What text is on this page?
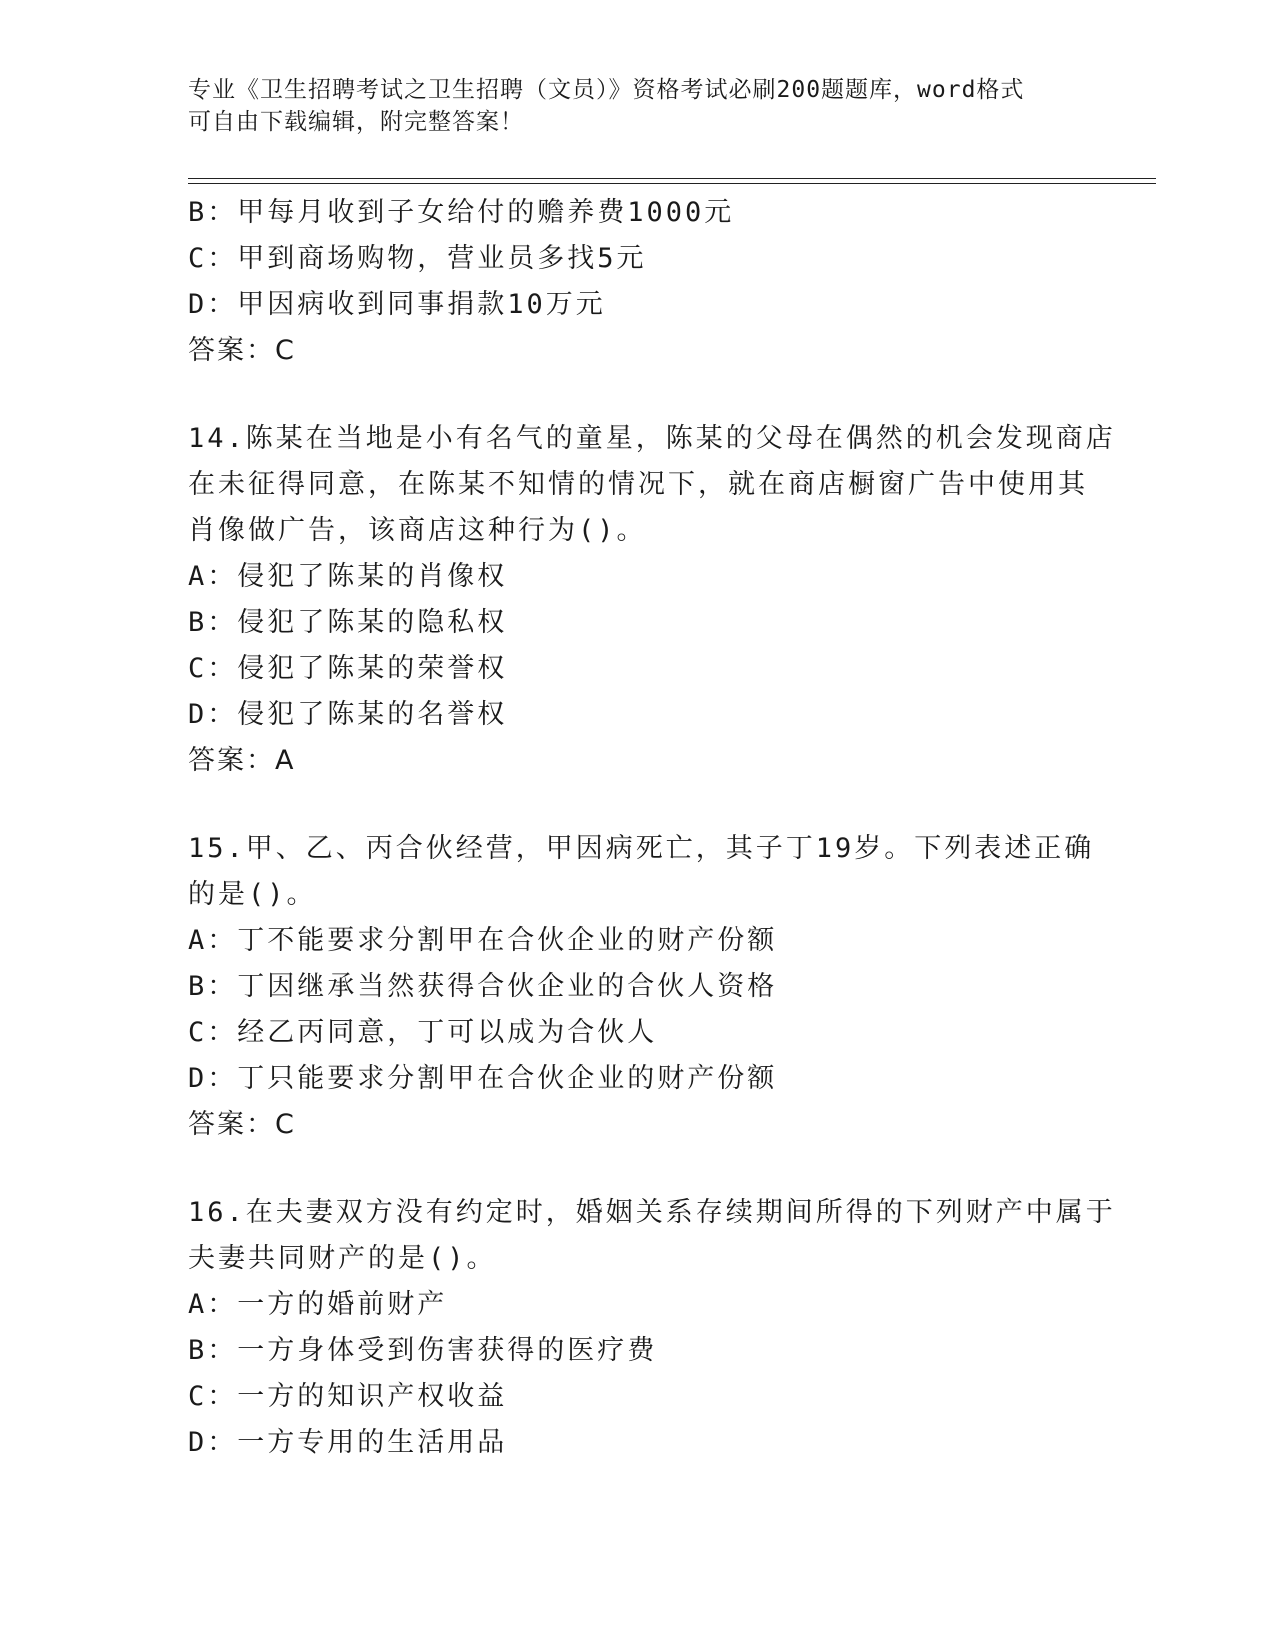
专业《卫生招聘考试之卫生招聘（文员）》资格考试必刷200题题库，word格式
可自由下载编辑，附完整答案！
B：甲每月收到子女给付的赡养费1000元
C：甲到商场购物，营业员多找5元
D：甲因病收到同事捐款10万元
答案：C
14.陈某在当地是小有名气的童星，陈某的父母在偶然的机会发现商店
在未征得同意，在陈某不知情的情况下，就在商店橱窗广告中使用其
肖像做广告，该商店这种行为()。
A：侵犯了陈某的肖像权
B：侵犯了陈某的隐私权
C：侵犯了陈某的荣誉权
D：侵犯了陈某的名誉权
答案：A
15.甲、乙、丙合伙经营，甲因病死亡，其子丁19岁。下列表述正确
的是()。
A：丁不能要求分割甲在合伙企业的财产份额
B：丁因继承当然获得合伙企业的合伙人资格
C：经乙丙同意，丁可以成为合伙人
D：丁只能要求分割甲在合伙企业的财产份额
答案：C
16.在夫妻双方没有约定时，婚姻关系存续期间所得的下列财产中属于
夫妻共同财产的是()。
A：一方的婚前财产
B：一方身体受到伤害获得的医疗费
C：一方的知识产权收益
D：一方专用的生活用品
